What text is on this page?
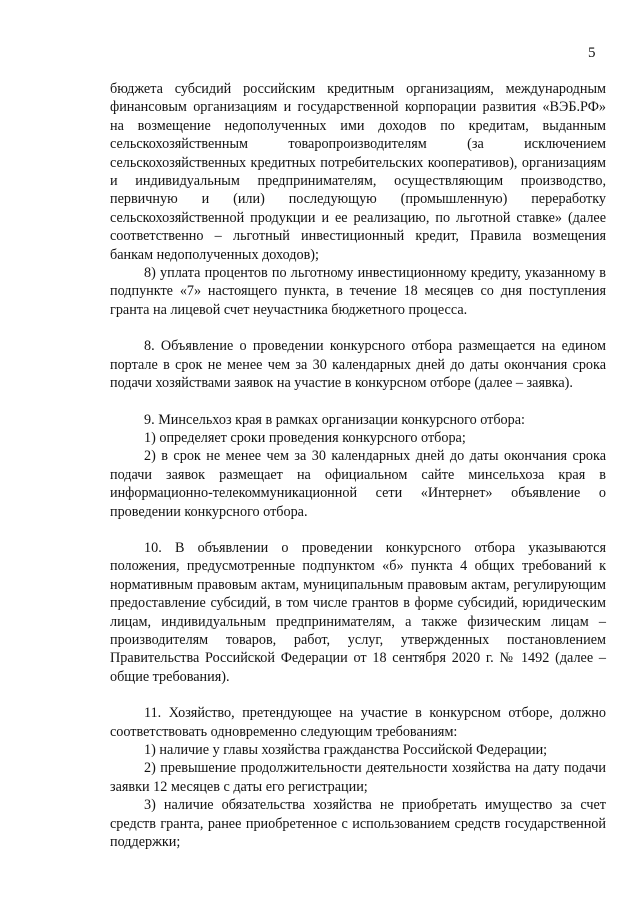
5

бюджета субсидий российским кредитным организациям, международным финансовым организациям и государственной корпорации развития «ВЭБ.РФ» на возмещение недополученных ими доходов по кредитам, выданным сельскохозяйственным товаропроизводителям (за исключением сельскохозяйственных кредитных потребительских кооперативов), организациям и индивидуальным предпринимателям, осуществляющим производство, первичную и (или) последующую (промышленную) переработку сельскохозяйственной продукции и ее реализацию, по льготной ставке» (далее соответственно – льготный инвестиционный кредит, Правила возмещения банкам недополученных доходов);

8) уплата процентов по льготному инвестиционному кредиту, указанному в подпункте «7» настоящего пункта, в течение 18 месяцев со дня поступления гранта на лицевой счет неучастника бюджетного процесса.

8. Объявление о проведении конкурсного отбора размещается на едином портале в срок не менее чем за 30 календарных дней до даты окончания срока подачи хозяйствами заявок на участие в конкурсном отборе (далее – заявка).

9. Минсельхоз края в рамках организации конкурсного отбора:

1) определяет сроки проведения конкурсного отбора;

2) в срок не менее чем за 30 календарных дней до даты окончания срока подачи заявок размещает на официальном сайте минсельхоза края в информационно-телекоммуникационной сети «Интернет» объявление о проведении конкурсного отбора.

10. В объявлении о проведении конкурсного отбора указываются положения, предусмотренные подпунктом «б» пункта 4 общих требований к нормативным правовым актам, муниципальным правовым актам, регулирующим предоставление субсидий, в том числе грантов в форме субсидий, юридическим лицам, индивидуальным предпринимателям, а также физическим лицам – производителям товаров, работ, услуг, утвержденных постановлением Правительства Российской Федерации от 18 сентября 2020 г. № 1492 (далее – общие требования).

11. Хозяйство, претендующее на участие в конкурсном отборе, должно соответствовать одновременно следующим требованиям:

1) наличие у главы хозяйства гражданства Российской Федерации;

2) превышение продолжительности деятельности хозяйства на дату подачи заявки 12 месяцев с даты его регистрации;

3) наличие обязательства хозяйства не приобретать имущество за счет средств гранта, ранее приобретенное с использованием средств государственной поддержки;
